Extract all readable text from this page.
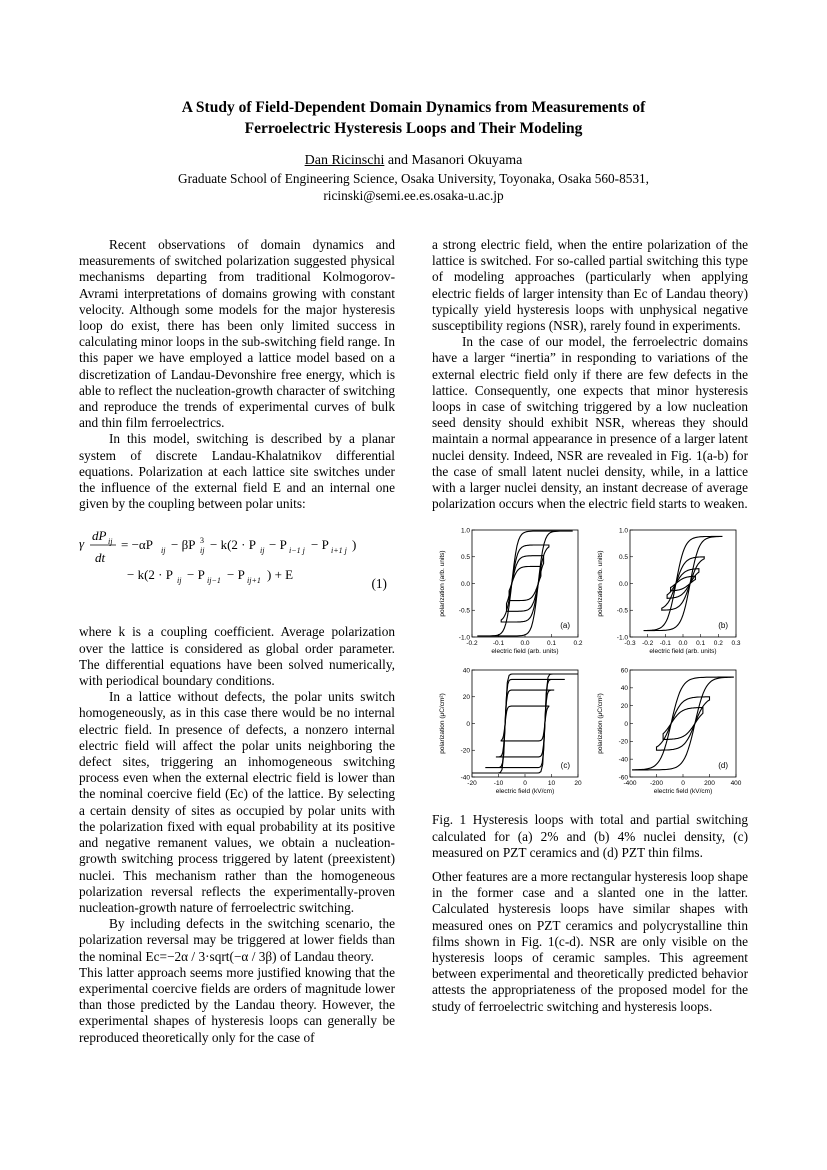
A Study of Field-Dependent Domain Dynamics from Measurements of
Ferroelectric Hysteresis Loops and Their Modeling
Dan Ricinschi and Masanori Okuyama
Graduate School of Engineering Science, Osaka University, Toyonaka, Osaka 560-8531,
ricinski@semi.ee.es.osaka-u.ac.jp

Recent observations of domain dynamics and measurements of switched polarization suggested physical mechanisms departing from traditional Kolmogorov-Avrami interpretations of domains growing with constant velocity. Although some models for the major hysteresis loop do exist, there has been only limited success in calculating minor loops in the sub-switching field range. In this paper we have employed a lattice model based on a discretization of Landau-Devonshire free energy, which is able to reflect the nucleation-growth character of switching and reproduce the trends of experimental curves of bulk and thin film ferroelectrics.

In this model, switching is described by a planar system of discrete Landau-Khalatnikov differential equations. Polarization at each lattice site switches under the influence of the external field E and an internal one given by the coupling between polar units:

γ
dP ij
dt
= −αP ij − βP ij
3 − k(2 · P ij − P i−1 j − P i+1 j )
− k(2 · P ij − P ij−1 − P ij+1 ) + E
(1)

where k is a coupling coefficient. Average polarization over the lattice is considered as global order parameter. The differential equations have been solved numerically, with periodical boundary conditions.

In a lattice without defects, the polar units switch homogeneously, as in this case there would be no internal electric field. In presence of defects, a nonzero internal electric field will affect the polar units neighboring the defect sites, triggering an inhomogeneous switching process even when the external electric field is lower than the nominal coercive field (Ec) of the lattice. By selecting a certain density of sites as occupied by polar units with the polarization fixed with equal probability at its positive and negative remanent values, we obtain a nucleation-growth switching process triggered by latent (preexistent) nuclei. This mechanism rather than the homogeneous polarization reversal reflects the experimentally-proven nucleation-growth nature of ferroelectric switching.

By including defects in the switching scenario, the polarization reversal may be triggered at lower fields than the nominal Ec=−2α / 3·sqrt(−α / 3β) of Landau theory.

This latter approach seems more justified knowing that the experimental coercive fields are orders of magnitude lower than those predicted by the Landau theory. However, the experimental shapes of hysteresis loops can generally be reproduced theoretically only for the case of

a strong electric field, when the entire polarization of the lattice is switched. For so-called partial switching this type of modeling approaches (particularly when applying electric fields of larger intensity than Ec of Landau theory) typically yield hysteresis loops with unphysical negative susceptibility regions (NSR), rarely found in experiments.

In the case of our model, the ferroelectric domains have a larger “inertia” in responding to variations of the external electric field only if there are few defects in the lattice. Consequently, one expects that minor hysteresis loops in case of switching triggered by a low nucleation seed density should exhibit NSR, whereas they should maintain a normal appearance in presence of a larger latent nuclei density. Indeed, NSR are revealed in Fig. 1(a-b) for the case of small latent nuclei density, while, in a lattice with a larger nuclei density, an instant decrease of average polarization occurs when the electric field starts to weaken.

-0.2 -0.1	0.0	0.1	0.2
-1.0
-0.5
0.0
0.5
1.0
electric field (arb. units)
polarization (arb. units)
(a)
-0.3 -0.2 -0.1 0.0 0.1 0.2 0.3
-1.0
-0.5
0.0
0.5
1.0
electric field (arb. units)
polarization (arb. units)
(b)
-20	-10	0	10	20
-40
-20
0
20
40
electric field (kV/cm)
polarization (μC/cm²)
(c)
-400 -200	0	200 400
-60
-40
-20
0
20
40
60
electric field (kV/cm)
polarization (μC/cm²)
(d)

Fig. 1 Hysteresis loops with total and partial switching calculated for (a) 2% and (b) 4% nuclei density, (c) measured on PZT ceramics and (d) PZT thin films.

Other features are a more rectangular hysteresis loop shape in the former case and a slanted one in the latter. Calculated hysteresis loops have similar shapes with measured ones on PZT ceramics and polycrystalline thin films shown in Fig. 1(c-d). NSR are only visible on the hysteresis loops of ceramic samples. This agreement between experimental and theoretically predicted behavior attests the appropriateness of the proposed model for the study of ferroelectric switching and hysteresis loops.
